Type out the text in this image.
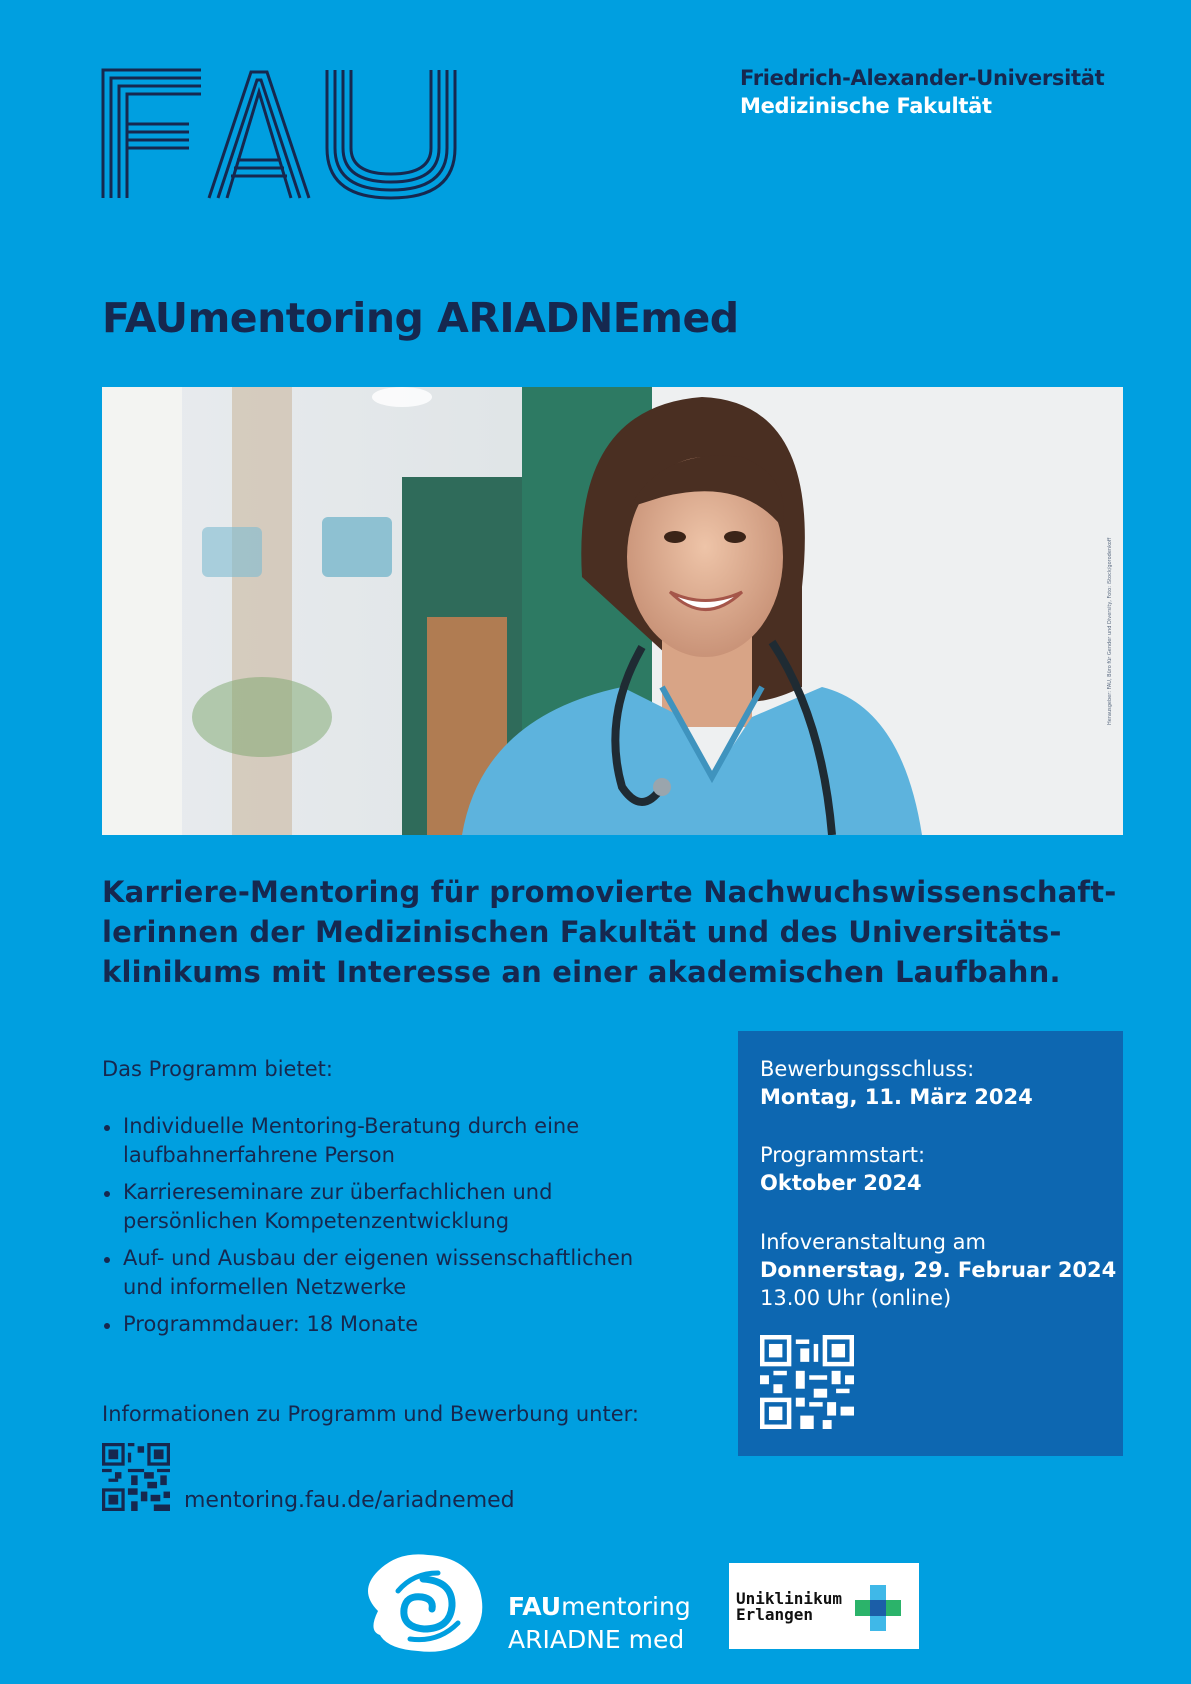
Friedrich-Alexander-Universität
Medizinische Fakultät
FAUmentoring ARIADNEmed
Herausgeber: FAU, Büro für Gender und Diversity, Foto: iStock/gorodenkoff
Karriere-Mentoring für promovierte Nachwuchswissenschaft-lerinnen der Medizinischen Fakultät und des Universitäts-klinikums mit Interesse an einer akademischen Laufbahn.
Das Programm bietet:
Individuelle Mentoring-Beratung durch eine laufbahnerfahrene Person
Karriereseminare zur überfachlichen und persönlichen Kompetenzentwicklung
Auf- und Ausbau der eigenen wissenschaftlichen und informellen Netzwerke
Programmdauer: 18 Monate
Informationen zu Programm und Bewerbung unter:
mentoring.fau.de/ariadnemed
Bewerbungsschluss:
Montag, 11. März 2024
Programmstart:
Oktober 2024
Infoveranstaltung am
Donnerstag, 29. Februar 2024
13.00 Uhr (online)
FAUmentoring
ARIADNE med
Uniklinikum
Erlangen
